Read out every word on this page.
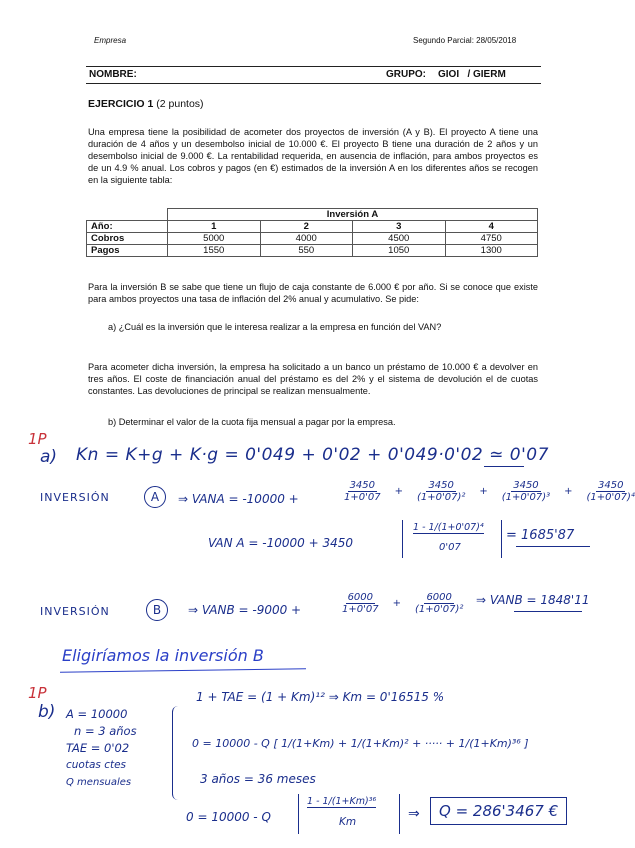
Empresa	Segundo Parcial: 28/05/2018
NOMBRE:	GRUPO: GIOI   / GIERM
EJERCICIO 1 (2 puntos)
Una empresa tiene la posibilidad de acometer dos proyectos de inversión (A y B). El proyecto A tiene una duración de 4 años y un desembolso inicial de 10.000 €. El proyecto B tiene una duración de 2 años y un desembolso inicial de 9.000 €. La rentabilidad requerida, en ausencia de inflación, para ambos proyectos es de un 4.9 % anual. Los cobros y pagos (en €) estimados de la inversión A en los diferentes años se recogen en la siguiente tabla:
	Inversión A			
Año:	1	2	3	4
Cobros	5000	4000	4500	4750
Pagos	1550	550	1050	1300
Para la inversión B se sabe que tiene un flujo de caja constante de 6.000 € por año. Si se conoce que existe para ambos proyectos una tasa de inflación del 2% anual y acumulativo. Se pide:
a) ¿Cuál es la inversión que le interesa realizar a la empresa en función del VAN?
Para acometer dicha inversión, la empresa ha solicitado a un banco un préstamo de 10.000 € a devolver en tres años. El coste de financiación anual del préstamo es del 2% y el sistema de devolución el de cuotas constantes. Las devoluciones de principal se realizan mensualmente.
b) Determinar el valor de la cuota fija mensual a pagar por la empresa.
1P
a) Kn = K+g + K·g = 0'049 + 0'02 + 0'049·0'02 ≃ 0'07
INVERSIÓN	A	⇒ VANA = -10000 +	$\frac{3450}{1+0'07} + \frac{3450}{\text{(1+0'07)²}} + \frac{3450}{\text{(1+0'07)³}} + \frac{3450}{\text{(1+0'07)⁴}}$
VAN A = -10000 + 3450	$\frac{\text{1 - 1/(1+0'07)⁴}}{0'07} = 1685'87$
INVERSIÓN	B	⇒ VANB = -9000 +	$\frac{6000}{1+0'07} + \frac{6000}{\text{(1+0'07)²}}$ ⇒ VANB = 1848'11
Eligiríamos la inversión B
1P
b) A = 10000
n = 3 años
TAE = 0'02
cuotas ctes
Q mensuales
1 + TAE = (1 + Km)¹² ⇒ Km = 0'16515 %
0 = 10000 - Q [ 1/(1+Km) + 1/(1+Km)² + ····· + 1/(1+Km)³⁶ ]
3 años = 36 meses
0 = 10000 - Q	$\frac{\text{1 - 1/(1+Km)³⁶}}{Km}$ ⇒	Q = 286'3467 €
